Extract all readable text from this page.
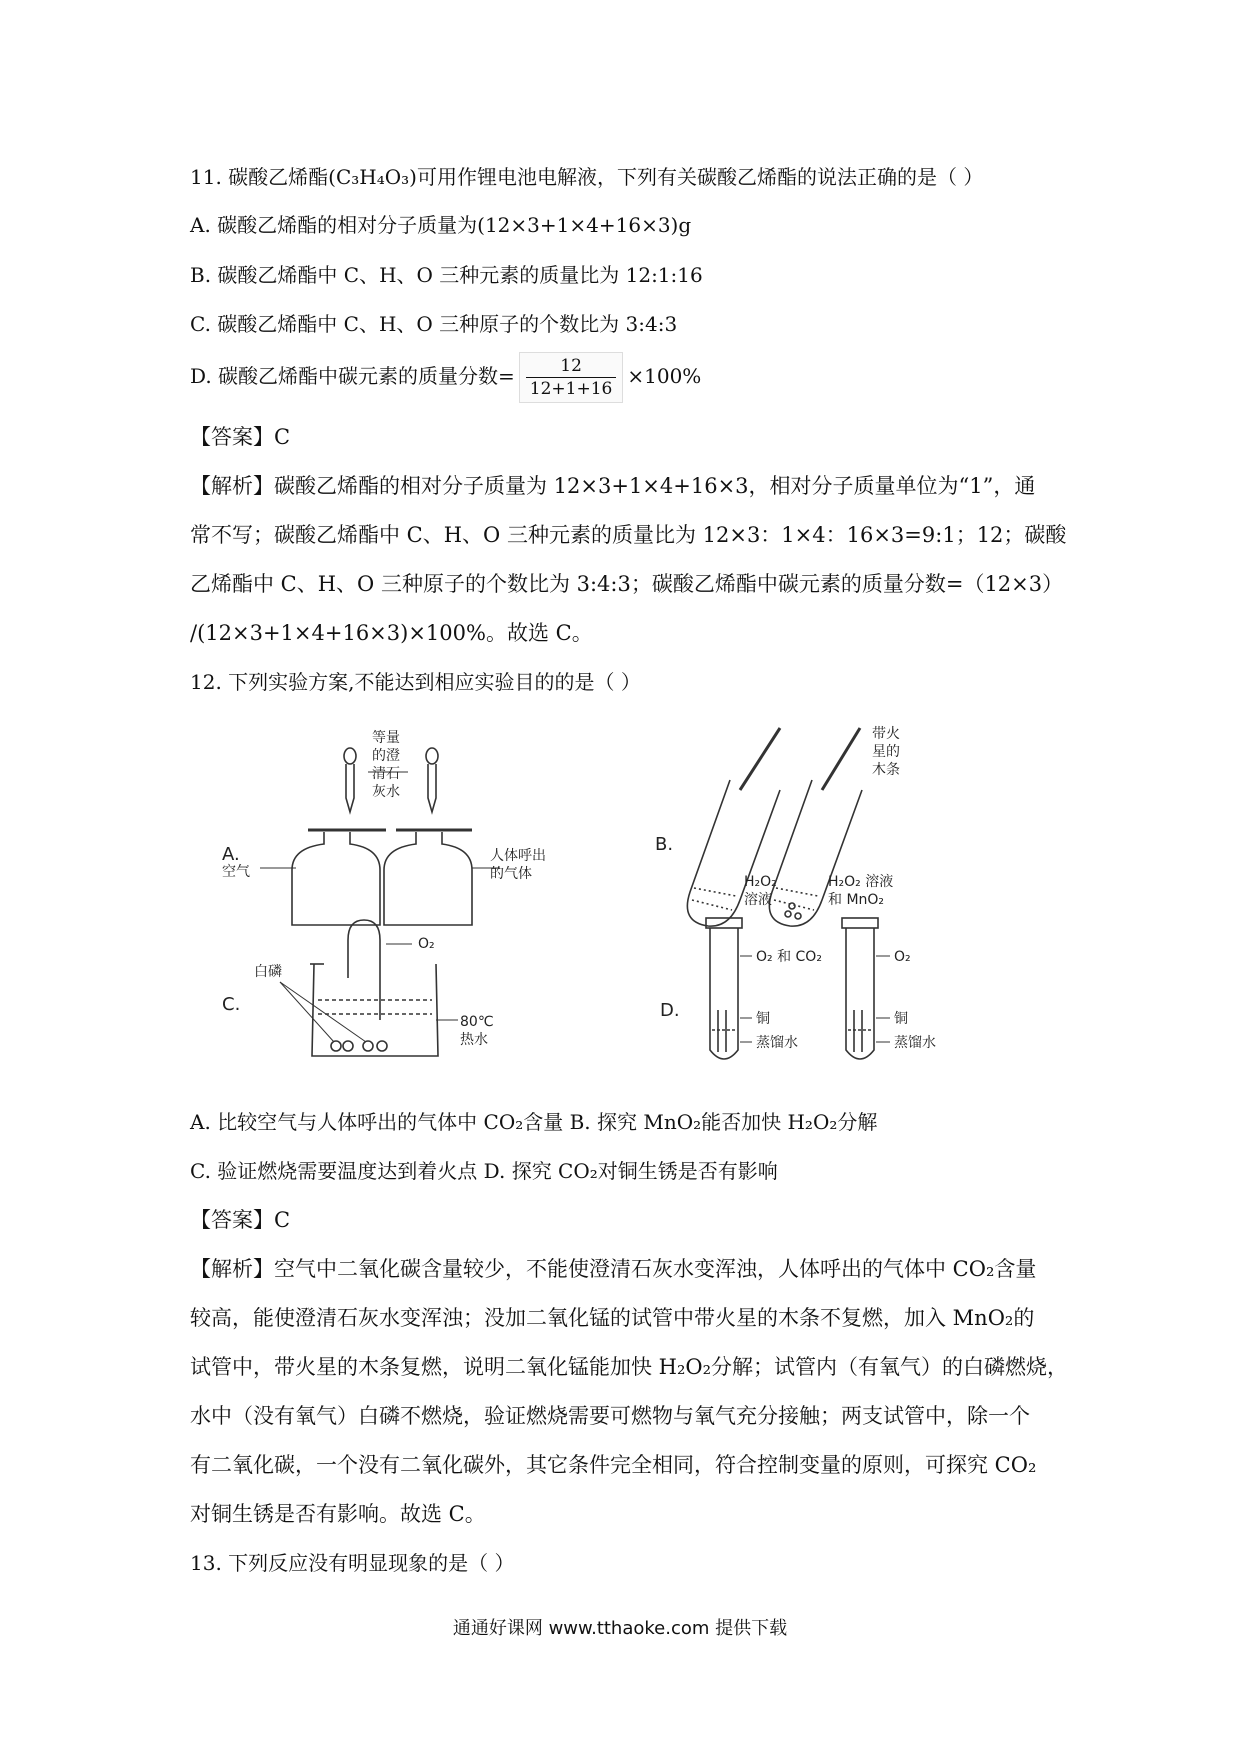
11. 碳酸乙烯酯(C₃H₄O₃)可用作锂电池电解液，下列有关碳酸乙烯酯的说法正确的是（ ）
A. 碳酸乙烯酯的相对分子质量为(12×3+1×4+16×3)g
B. 碳酸乙烯酯中 C、H、O 三种元素的质量比为 12:1:16
C. 碳酸乙烯酯中 C、H、O 三种原子的个数比为 3:4:3
D. 碳酸乙烯酯中碳元素的质量分数= $\frac{12}{12+1+16} \times 100\%$
【答案】C
【解析】碳酸乙烯酯的相对分子质量为 12×3+1×4+16×3，相对分子质量单位为“1”，通
常不写；碳酸乙烯酯中 C、H、O 三种元素的质量比为 12×3：1×4：16×3=9:1；12；碳酸
乙烯酯中 C、H、O 三种原子的个数比为 3:4:3；碳酸乙烯酯中碳元素的质量分数=（12×3）
/(12×3+1×4+16×3)×100%。故选 C。
12. 下列实验方案,不能达到相应实验目的的是（ ）
A.
等量
的澄
清石
灰水
空气
人体呼出
的气体
B.
带火
星的
木条
H₂O₂
溶液
H₂O₂ 溶液
和 MnO₂
C.
O₂
白磷
80℃
热水
D.
O₂ 和 CO₂
铜
蒸馏水
O₂
铜
蒸馏水
A. 比较空气与人体呼出的气体中 CO₂含量 B. 探究 MnO₂能否加快 H₂O₂分解
C. 验证燃烧需要温度达到着火点 D. 探究 CO₂对铜生锈是否有影响
【答案】C
【解析】空气中二氧化碳含量较少，不能使澄清石灰水变浑浊，人体呼出的气体中 CO₂含量
较高，能使澄清石灰水变浑浊；没加二氧化锰的试管中带火星的木条不复燃，加入 MnO₂的
试管中，带火星的木条复燃，说明二氧化锰能加快 H₂O₂分解；试管内（有氧气）的白磷燃烧，
水中（没有氧气）白磷不燃烧，验证燃烧需要可燃物与氧气充分接触；两支试管中，除一个
有二氧化碳，一个没有二氧化碳外，其它条件完全相同，符合控制变量的原则，可探究 CO₂
对铜生锈是否有影响。故选 C。
13. 下列反应没有明显现象的是（ ）
通通好课网 www.tthaoke.com 提供下载
